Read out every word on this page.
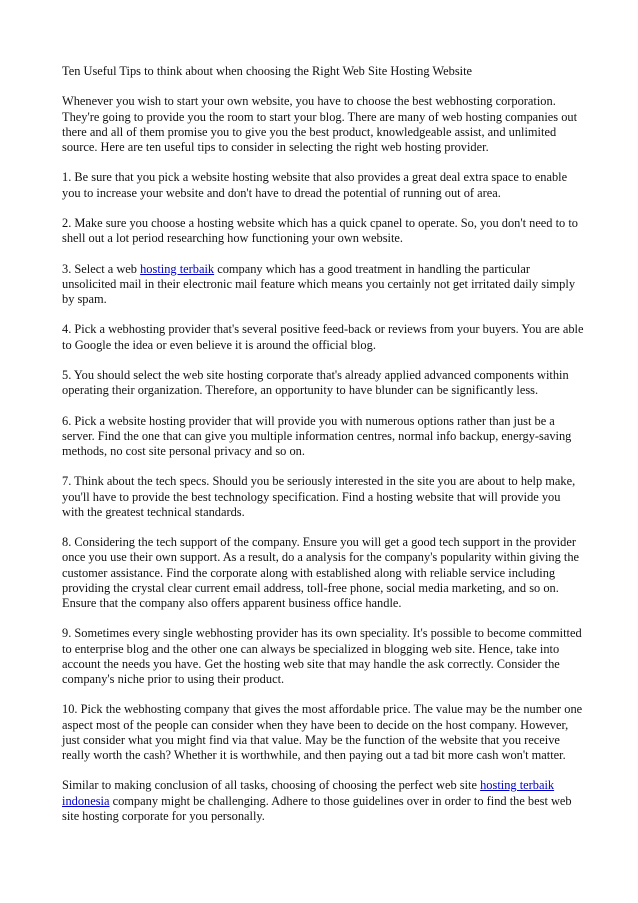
Ten Useful Tips to think about when choosing the Right Web Site Hosting Website

Whenever you wish to start your own website, you have to choose the best webhosting corporation. They're going to provide you the room to start your blog. There are many of web hosting companies out there and all of them promise you to give you the best product, knowledgeable assist, and unlimited source. Here are ten useful tips to consider in selecting the right web hosting provider.

1. Be sure that you pick a website hosting website that also provides a great deal extra space to enable you to increase your website and don't have to dread the potential of running out of area.

2. Make sure you choose a hosting website which has a quick cpanel to operate. So, you don't need to to shell out a lot period researching how functioning your own website.

3. Select a web hosting terbaik company which has a good treatment in handling the particular unsolicited mail in their electronic mail feature which means you certainly not get irritated daily simply by spam.

4. Pick a webhosting provider that's several positive feed-back or reviews from your buyers. You are able to Google the idea or even believe it is around the official blog.

5. You should select the web site hosting corporate that's already applied advanced components within operating their organization. Therefore, an opportunity to have blunder can be significantly less.

6. Pick a website hosting provider that will provide you with numerous options rather than just be a server. Find the one that can give you multiple information centres, normal info backup, energy-saving methods, no cost site personal privacy and so on.

7. Think about the tech specs. Should you be seriously interested in the site you are about to help make, you'll have to provide the best technology specification. Find a hosting website that will provide you with the greatest technical standards.

8. Considering the tech support of the company. Ensure you will get a good tech support in the provider once you use their own support. As a result, do a analysis for the company's popularity within giving the customer assistance. Find the corporate along with established along with reliable service including providing the crystal clear current email address, toll-free phone, social media marketing, and so on. Ensure that the company also offers apparent business office handle.

9. Sometimes every single webhosting provider has its own speciality. It's possible to become committed to enterprise blog and the other one can always be specialized in blogging web site. Hence, take into account the needs you have. Get the hosting web site that may handle the ask correctly. Consider the company's niche prior to using their product.

10. Pick the webhosting company that gives the most affordable price. The value may be the number one aspect most of the people can consider when they have been to decide on the host company. However, just consider what you might find via that value. May be the function of the website that you receive really worth the cash? Whether it is worthwhile, and then paying out a tad bit more cash won't matter.

Similar to making conclusion of all tasks, choosing of choosing the perfect web site hosting terbaik indonesia company might be challenging. Adhere to those guidelines over in order to find the best web site hosting corporate for you personally.
